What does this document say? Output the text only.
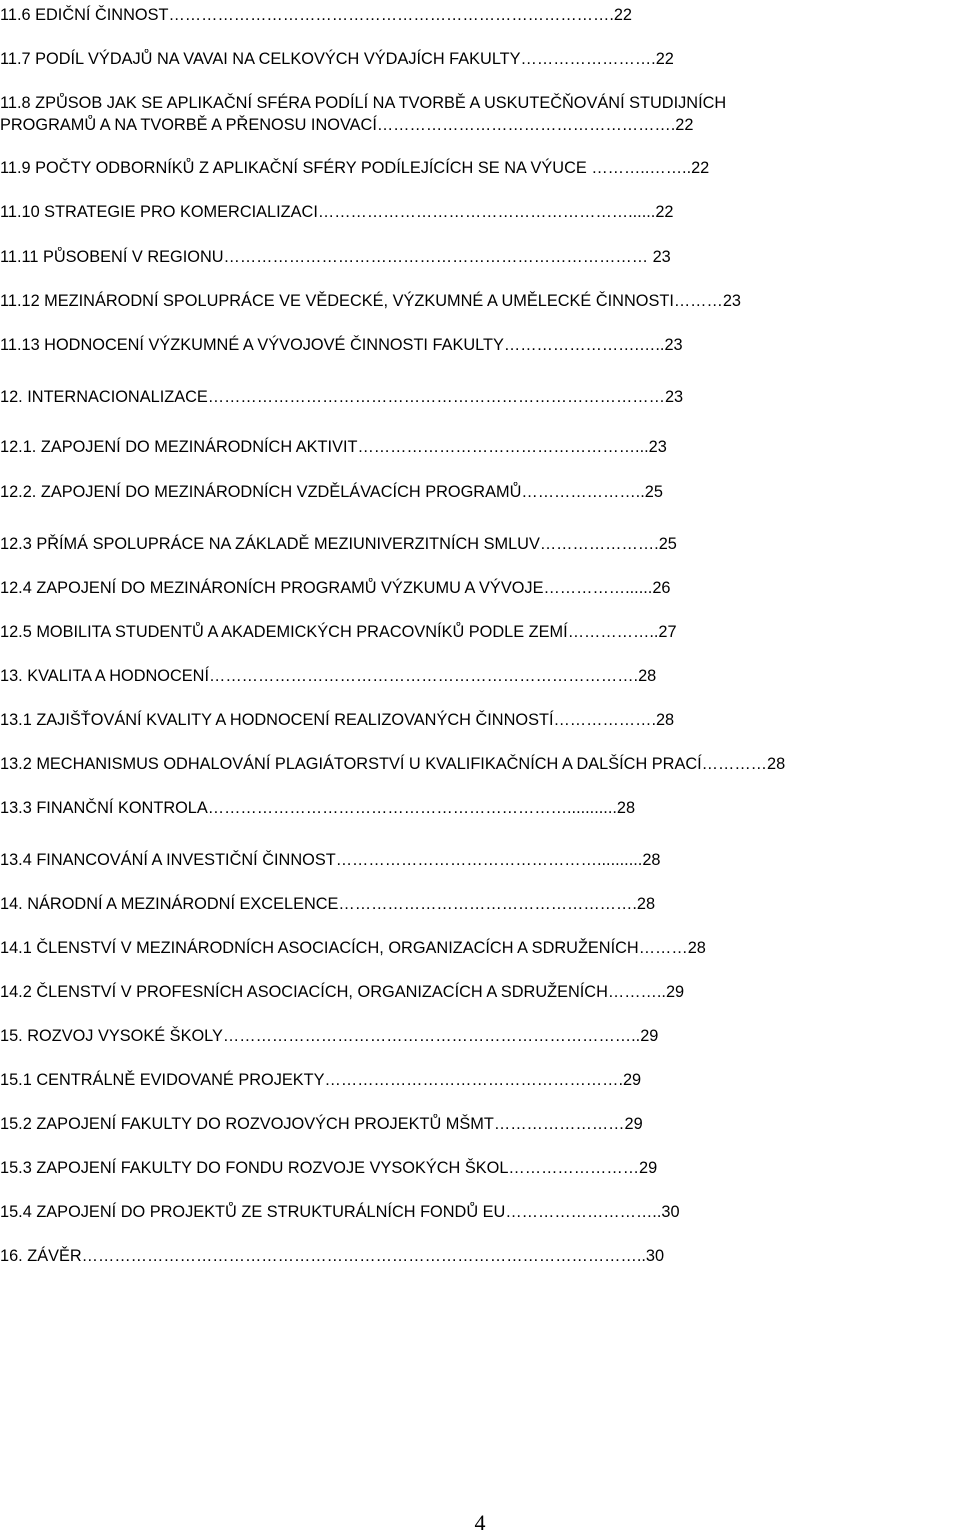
11.6 EDIČNÍ ČINNOST……………………………………………………………………….22
11.7 PODÍL VÝDAJŮ NA VAVAI NA CELKOVÝCH VÝDAJÍCH FAKULTY…………………….22
11.8 ZPŮSOB JAK SE APLIKAČNÍ SFÉRA PODÍLÍ NA TVORBĚ A USKUTEČŇOVÁNÍ STUDIJNÍCH
PROGRAMŮ A NA TVORBĚ A PŘENOSU INOVACÍ……………………………………………….22
11.9 POČTY ODBORNÍKŮ Z APLIKAČNÍ SFÉRY PODÍLEJÍCÍCH SE NA VÝUCE ………..……..22
11.10 STRATEGIE PRO KOMERCIALIZACI…………………………………………………......22
11.11 PŮSOBENÍ V REGIONU…………………………………………………………………… 23
11.12 MEZINÁRODNÍ SPOLUPRÁCE VE VĚDECKÉ, VÝZKUMNÉ A UMĚLECKÉ ČINNOSTI………23
11.13 HODNOCENÍ VÝZKUMNÉ A VÝVOJOVÉ ČINNOSTI FAKULTY…………………….…..23
12. INTERNACIONALIZACE…………………………………………………………………………23
12.1. ZAPOJENÍ DO MEZINÁRODNÍCH AKTIVIT……………………………………………...23
12.2. ZAPOJENÍ DO MEZINÁRODNÍCH VZDĚLÁVACÍCH PROGRAMŮ…………………..25
12.3 PŘÍMÁ SPOLUPRÁCE NA ZÁKLADĚ MEZIUNIVERZITNÍCH SMLUV………………….25
12.4 ZAPOJENÍ DO MEZINÁRONÍCH PROGRAMŮ VÝZKUMU A VÝVOJE……………......26
12.5 MOBILITA STUDENTŮ A AKADEMICKÝCH PRACOVNÍKŮ PODLE ZEMÍ……………..27
13. KVALITA A HODNOCENÍ…………………………………………………………………….28
13.1 ZAJIŠŤOVÁNÍ KVALITY A HODNOCENÍ REALIZOVANÝCH ČINNOSTÍ……………….28
13.2 MECHANISMUS ODHALOVÁNÍ PLAGIÁTORSTVÍ U KVALIFIKAČNÍCH A DALŠÍCH PRACÍ…………28
13.3 FINANČNÍ KONTROLA…………………………………………………………...........28
13.4 FINANCOVÁNÍ A INVESTIČNÍ ČINNOST…………………………………………..........28
14. NÁRODNÍ A MEZINÁRODNÍ EXCELENCE……………………………………………….28
14.1 ČLENSTVÍ V MEZINÁRODNÍCH ASOCIACÍCH, ORGANIZACÍCH A SDRUŽENÍCH………28
14.2 ČLENSTVÍ V PROFESNÍCH ASOCIACÍCH, ORGANIZACÍCH A SDRUŽENÍCH………..29
15. ROZVOJ VYSOKÉ ŠKOLY…………………………………………………………………..29
15.1 CENTRÁLNĚ EVIDOVANÉ PROJEKTY……………………………………………….29
15.2 ZAPOJENÍ FAKULTY DO ROZVOJOVÝCH PROJEKTŮ MŠMT……………………29
15.3 ZAPOJENÍ FAKULTY DO FONDU ROZVOJE VYSOKÝCH ŠKOL……………………29
15.4 ZAPOJENÍ DO PROJEKTŮ ZE STRUKTURÁLNÍCH FONDŮ EU………………………..30
16. ZÁVĚR…………………………………………………………………………………………..30
4
